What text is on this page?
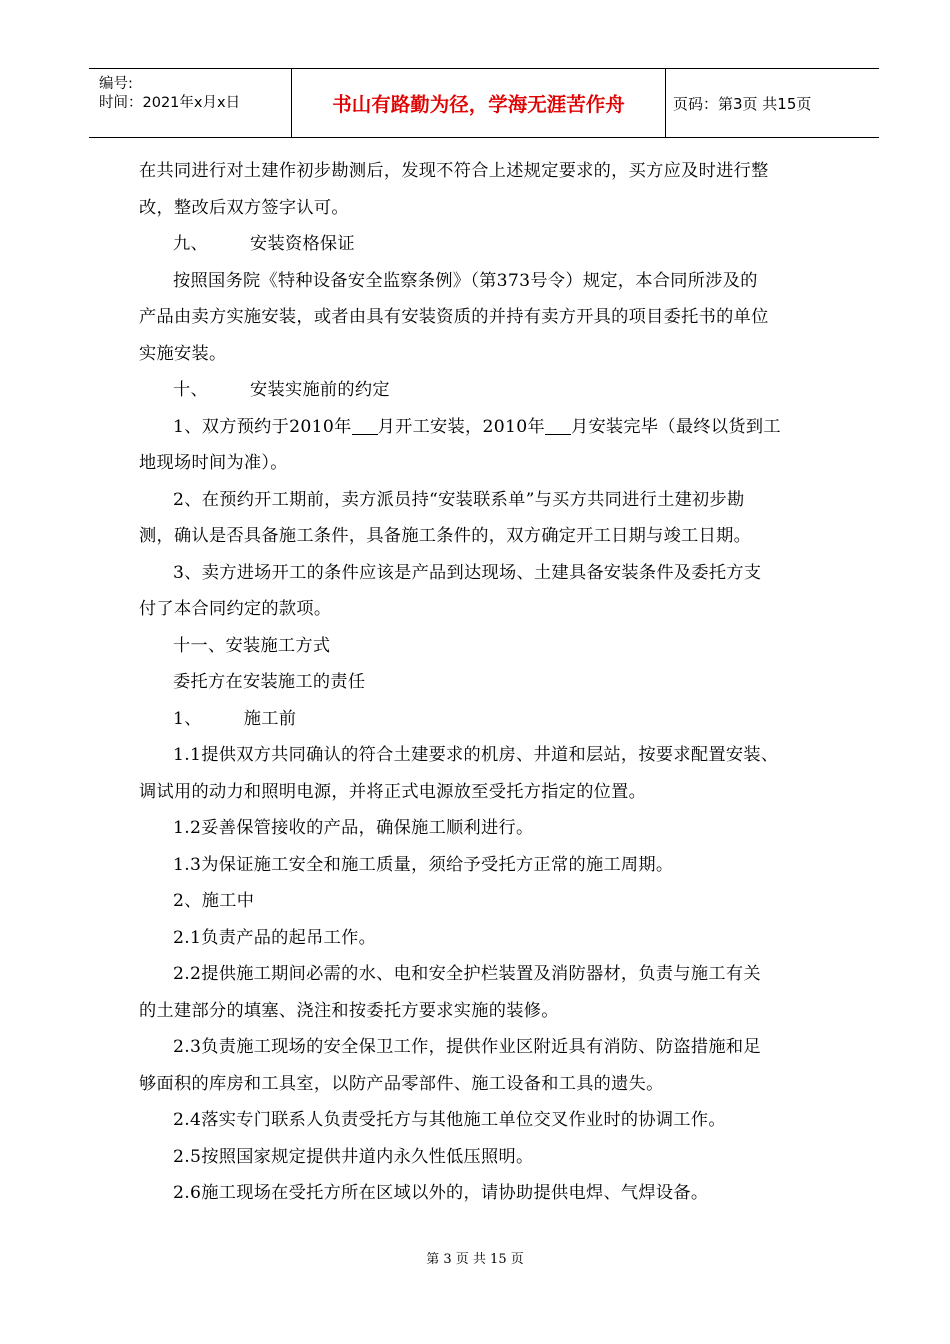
编号:
时间：2021年x月x日	书山有路勤为径，学海无涯苦作舟	页码：第3页 共15页

在共同进行对土建作初步勘测后，发现不符合上述规定要求的，买方应及时进行整

改，整改后双方签字认可。

九、 安装资格保证

按照国务院《特种设备安全监察条例》（第373号令）规定，本合同所涉及的

产品由卖方实施安装，或者由具有安装资质的并持有卖方开具的项目委托书的单位

实施安装。

十、 安装实施前的约定

1、双方预约于2010年 月开工安装，2010年 月安装完毕（最终以货到工

地现场时间为准）。

2、在预约开工期前，卖方派员持“安装联系单”与买方共同进行土建初步勘

测，确认是否具备施工条件，具备施工条件的，双方确定开工日期与竣工日期。

3、卖方进场开工的条件应该是产品到达现场、土建具备安装条件及委托方支

付了本合同约定的款项。

十一、安装施工方式

委托方在安装施工的责任

1、 施工前

1.1提供双方共同确认的符合土建要求的机房、井道和层站，按要求配置安装、

调试用的动力和照明电源，并将正式电源放至受托方指定的位置。

1.2妥善保管接收的产品，确保施工顺利进行。

1.3为保证施工安全和施工质量，须给予受托方正常的施工周期。

2、施工中

2.1负责产品的起吊工作。

2.2提供施工期间必需的水、电和安全护栏装置及消防器材，负责与施工有关

的土建部分的填塞、浇注和按委托方要求实施的装修。

2.3负责施工现场的安全保卫工作，提供作业区附近具有消防、防盗措施和足

够面积的库房和工具室，以防产品零部件、施工设备和工具的遗失。

2.4落实专门联系人负责受托方与其他施工单位交叉作业时的协调工作。

2.5按照国家规定提供井道内永久性低压照明。

2.6施工现场在受托方所在区域以外的，请协助提供电焊、气焊设备。

第 3 页 共 15 页
